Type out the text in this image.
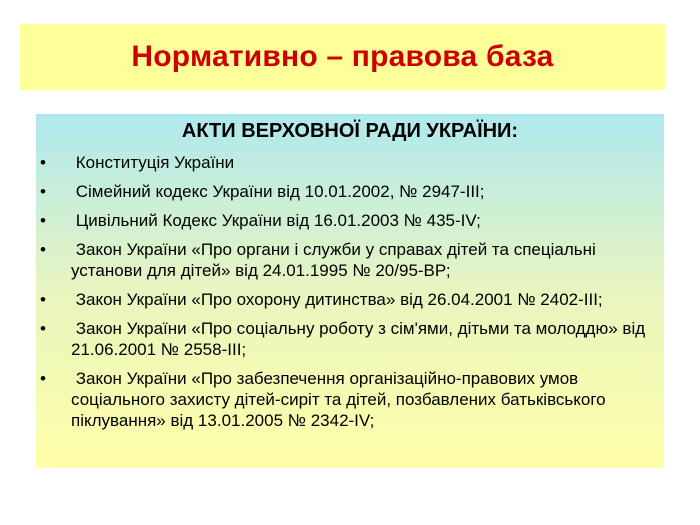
Нормативно – правова база
АКТИ ВЕРХОВНОЇ РАДИ УКРАЇНИ:
• Конституція України
• Сімейний кодекс України від 10.01.2002, № 2947-ІІІ;
• Цивільний Кодекс України від 16.01.2003 № 435-ІV;
• Закон України «Про органи і служби у справах дітей та спеціальні установи для дітей» від 24.01.1995 № 20/95-ВР;
• Закон України «Про охорону дитинства» від 26.04.2001 № 2402-ІІІ;
• Закон України «Про соціальну роботу з сім'ями, дітьми та молоддю» від 21.06.2001 № 2558-ІІІ;
• Закон України «Про забезпечення організаційно-правових умов соціального захисту дітей-сиріт та дітей, позбавлених батьківського піклування» від 13.01.2005 № 2342-ІV;
